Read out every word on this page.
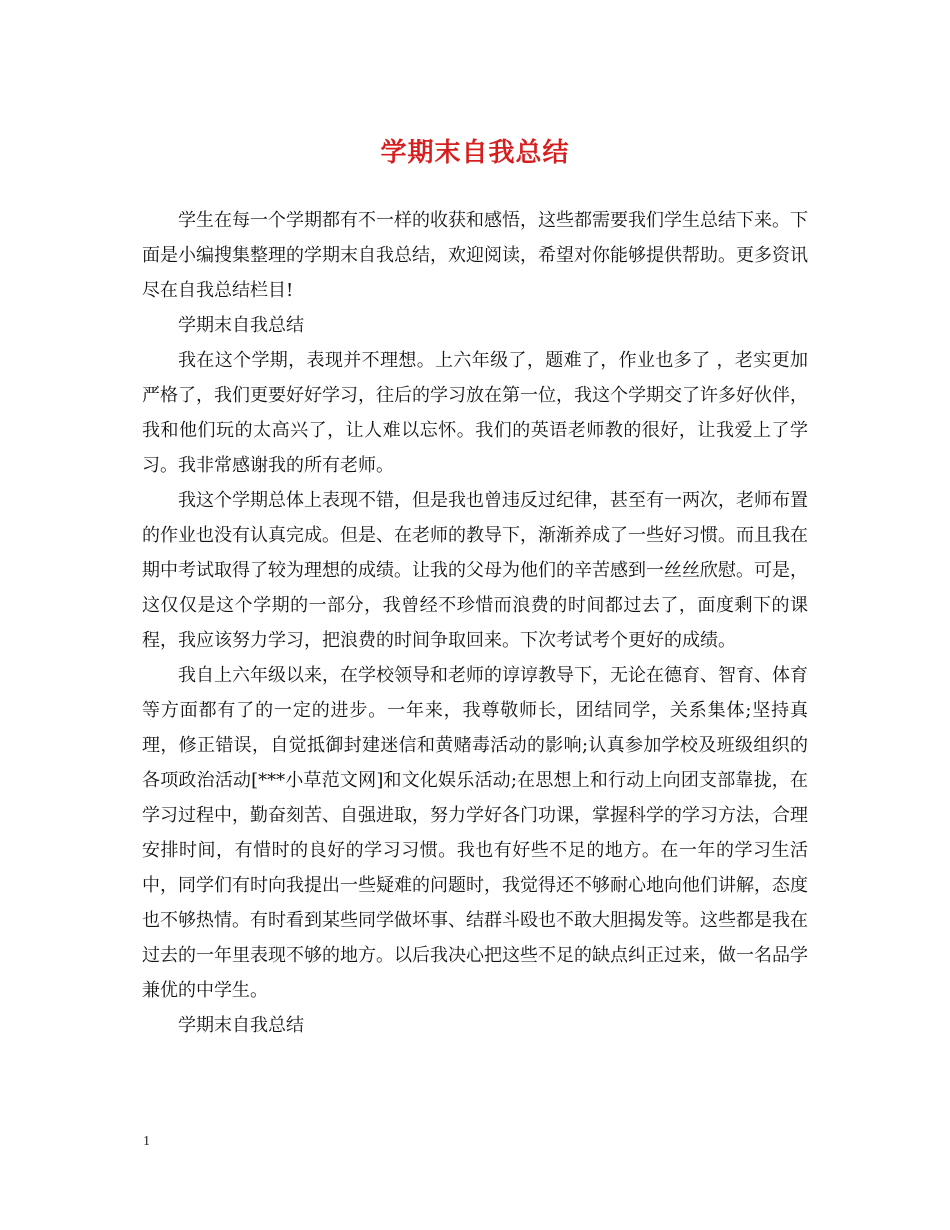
学期末自我总结

学生在每一个学期都有不一样的收获和感悟，这些都需要我们学生总结下来。下面是小编搜集整理的学期末自我总结，欢迎阅读，希望对你能够提供帮助。更多资讯尽在自我总结栏目!

学期末自我总结

我在这个学期，表现并不理想。上六年级了，题难了，作业也多了 ，老实更加严格了，我们更要好好学习，往后的学习放在第一位，我这个学期交了许多好伙伴，我和他们玩的太高兴了，让人难以忘怀。我们的英语老师教的很好，让我爱上了学习。我非常感谢我的所有老师。

我这个学期总体上表现不错，但是我也曾违反过纪律，甚至有一两次，老师布置的作业也没有认真完成。但是、在老师的教导下，渐渐养成了一些好习惯。而且我在期中考试取得了较为理想的成绩。让我的父母为他们的辛苦感到一丝丝欣慰。可是，这仅仅是这个学期的一部分，我曾经不珍惜而浪费的时间都过去了，面度剩下的课程，我应该努力学习，把浪费的时间争取回来。下次考试考个更好的成绩。

我自上六年级以来，在学校领导和老师的谆谆教导下，无论在德育、智育、体育等方面都有了的一定的进步。一年来，我尊敬师长，团结同学，关系集体;坚持真理，修正错误，自觉抵御封建迷信和黄赌毒活动的影响;认真参加学校及班级组织的各项政治活动[***小草范文网]和文化娱乐活动;在思想上和行动上向团支部靠拢，在学习过程中，勤奋刻苦、自强进取，努力学好各门功课，掌握科学的学习方法，合理安排时间，有惜时的良好的学习习惯。我也有好些不足的地方。在一年的学习生活中，同学们有时向我提出一些疑难的问题时，我觉得还不够耐心地向他们讲解，态度也不够热情。有时看到某些同学做坏事、结群斗殴也不敢大胆揭发等。这些都是我在过去的一年里表现不够的地方。以后我决心把这些不足的缺点纠正过来，做一名品学兼优的中学生。

学期末自我总结

1
